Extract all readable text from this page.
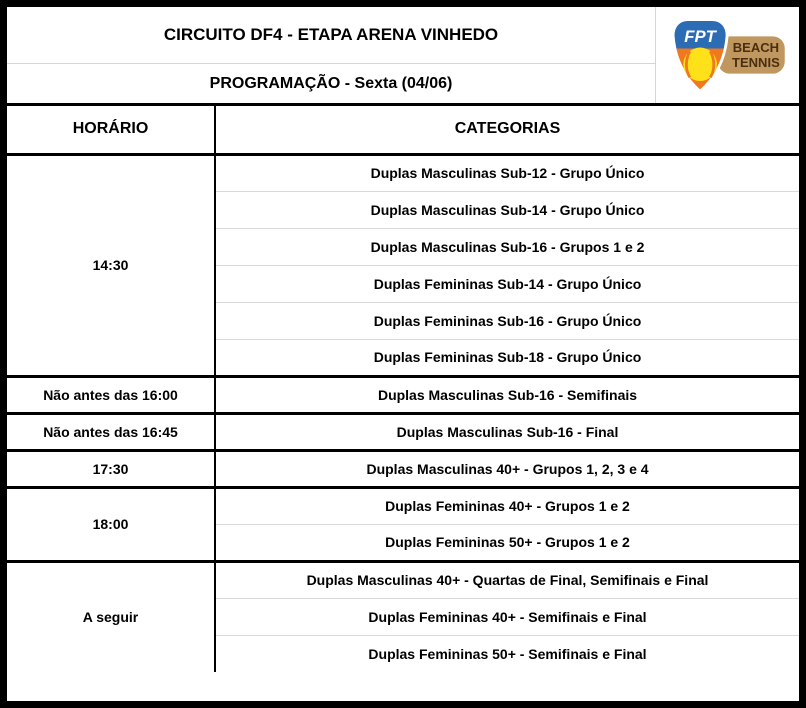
CIRCUITO DF4 - ETAPA ARENA VINHEDO
PROGRAMAÇÃO - Sexta (04/06)
FPT
BEACH
TENNIS
HORÁRIO	CATEGORIAS
14:30	Duplas Masculinas Sub-12 - Grupo Único
	Duplas Masculinas Sub-14 - Grupo Único
	Duplas Masculinas Sub-16 - Grupos 1 e 2
	Duplas Femininas Sub-14 - Grupo Único
	Duplas Femininas Sub-16 - Grupo Único
	Duplas Femininas Sub-18 - Grupo Único
Não antes das 16:00	Duplas Masculinas Sub-16 - Semifinais
Não antes das 16:45	Duplas Masculinas Sub-16 - Final
17:30	Duplas Masculinas 40+ - Grupos 1, 2, 3 e 4
18:00	Duplas Femininas 40+ - Grupos 1 e 2
	Duplas Femininas 50+ - Grupos 1 e 2
A seguir	Duplas Masculinas 40+ - Quartas de Final, Semifinais e Final
	Duplas Femininas 40+ - Semifinais e Final
	Duplas Femininas 50+ - Semifinais e Final
